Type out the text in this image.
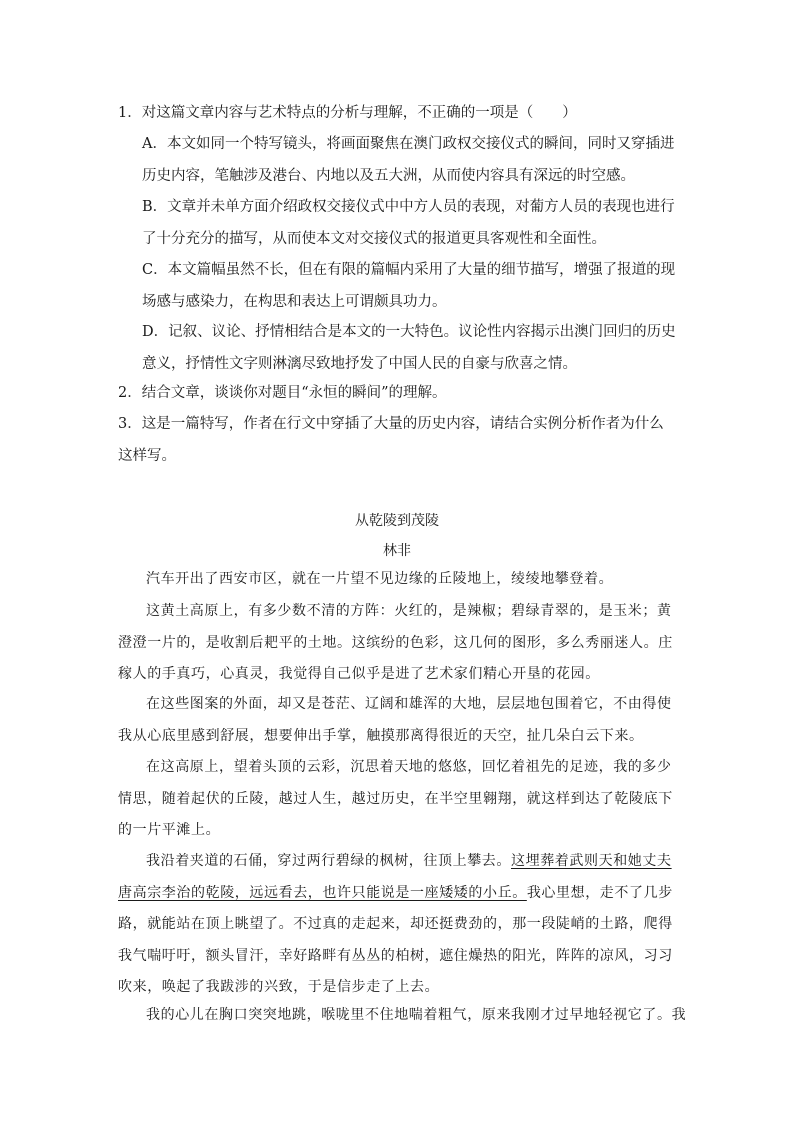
1．对这篇文章内容与艺术特点的分析与理解，不正确的一项是（　　）

A．本文如同一个特写镜头，将画面聚焦在澳门政权交接仪式的瞬间，同时又穿插进历史内容，笔触涉及港台、内地以及五大洲，从而使内容具有深远的时空感。

B．文章并未单方面介绍政权交接仪式中中方人员的表现，对葡方人员的表现也进行了十分充分的描写，从而使本文对交接仪式的报道更具客观性和全面性。

C．本文篇幅虽然不长，但在有限的篇幅内采用了大量的细节描写，增强了报道的现场感与感染力，在构思和表达上可谓颇具功力。

D．记叙、议论、抒情相结合是本文的一大特色。议论性内容揭示出澳门回归的历史意义，抒情性文字则淋漓尽致地抒发了中国人民的自豪与欣喜之情。

2．结合文章，谈谈你对题目“永恒的瞬间”的理解。

3．这是一篇特写，作者在行文中穿插了大量的历史内容，请结合实例分析作者为什么这样写。

从乾陵到茂陵

林非

汽车开出了西安市区，就在一片望不见边缘的丘陵地上，绫绫地攀登着。

这黄土高原上，有多少数不清的方阵：火红的，是辣椒；碧绿青翠的，是玉米；黄澄澄一片的，是收割后耙平的土地。这缤纷的色彩，这几何的图形，多么秀丽迷人。庄稼人的手真巧，心真灵，我觉得自己似乎是进了艺术家们精心开垦的花园。

在这些图案的外面，却又是苍茫、辽阔和雄浑的大地，层层地包围着它，不由得使我从心底里感到舒展，想要伸出手掌，触摸那离得很近的天空，扯几朵白云下来。

在这高原上，望着头顶的云彩，沉思着天地的悠悠，回忆着祖先的足迹，我的多少情思，随着起伏的丘陵，越过人生，越过历史，在半空里翱翔，就这样到达了乾陵底下的一片平滩上。

我沿着夹道的石俑，穿过两行碧绿的枫树，往顶上攀去。这埋葬着武则天和她丈夫唐高宗李治的乾陵，远远看去，也许只能说是一座矮矮的小丘。我心里想，走不了几步路，就能站在顶上眺望了。不过真的走起来，却还挺费劲的，那一段陡峭的土路，爬得我气喘吁吁，额头冒汗，幸好路畔有丛丛的柏树，遮住燥热的阳光，阵阵的凉风，习习吹来，唤起了我跋涉的兴致，于是信步走了上去。

我的心儿在胸口突突地跳，喉咙里不住地喘着粗气，原来我刚才过早地轻视它了。我
